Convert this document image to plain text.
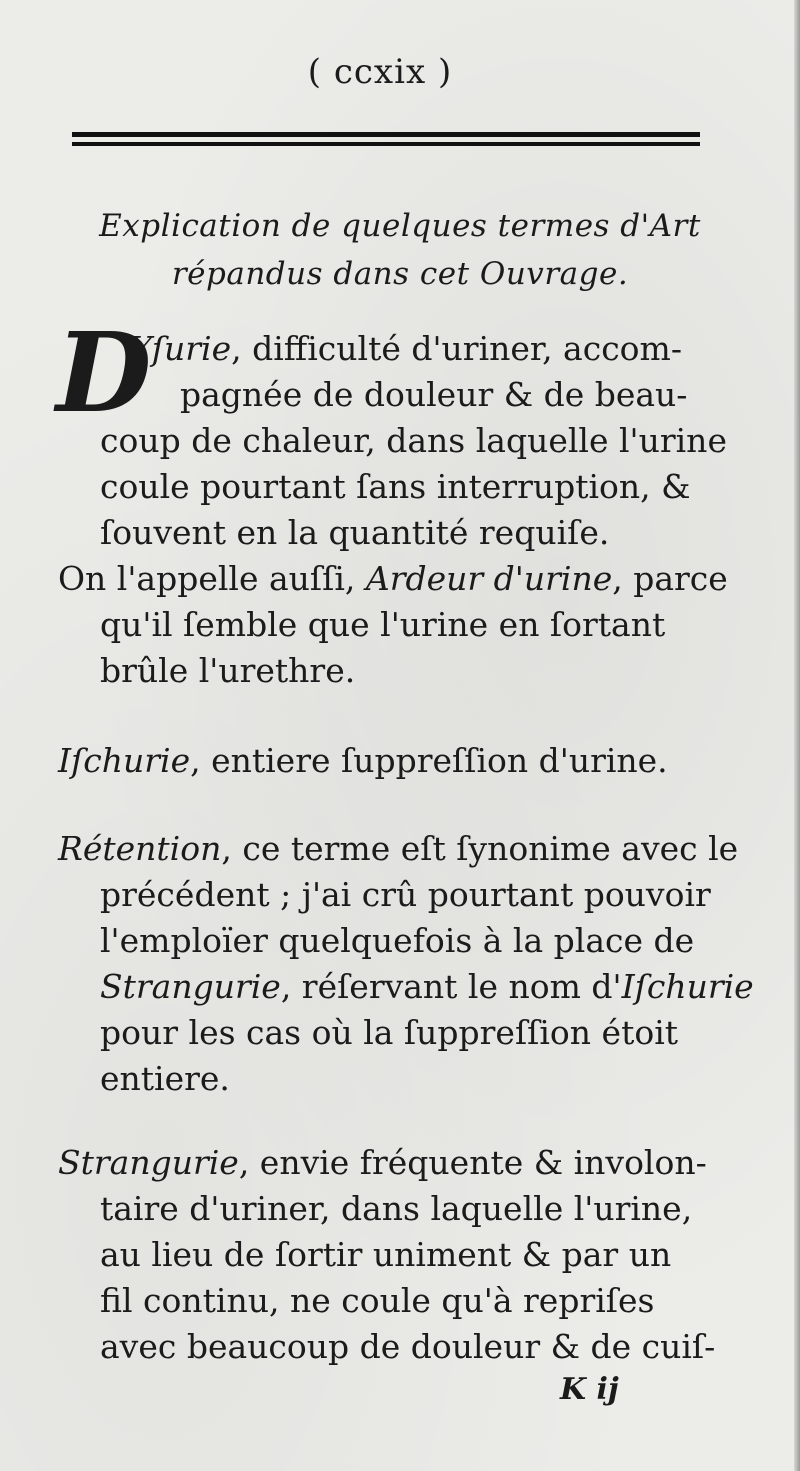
( ccxix )
Explication de quelques termes d'Art
répandus dans cet Ouvrage.
D
Yſurie, difficulté d'uriner, accom-
pagnée de douleur & de beau-
coup de chaleur, dans laquelle l'urine
coule pourtant ſans interruption, &
ſouvent en la quantité requiſe.
On l'appelle auſſi, Ardeur d'urine, parce
qu'il ſemble que l'urine en ſortant
brûle l'urethre.
Iſchurie, entiere ſuppreſſion d'urine.
Rétention, ce terme eſt ſynonime avec le
précédent ; j'ai crû pourtant pouvoir
l'emploïer quelquefois à la place de
Strangurie, réſervant le nom d'Iſchurie
pour les cas où la ſuppreſſion étoit
entiere.
Strangurie, envie fréquente & involon-
taire d'uriner, dans laquelle l'urine,
au lieu de ſortir uniment & par un
fil continu, ne coule qu'à repriſes
avec beaucoup de douleur & de cuiſ-
K ij
